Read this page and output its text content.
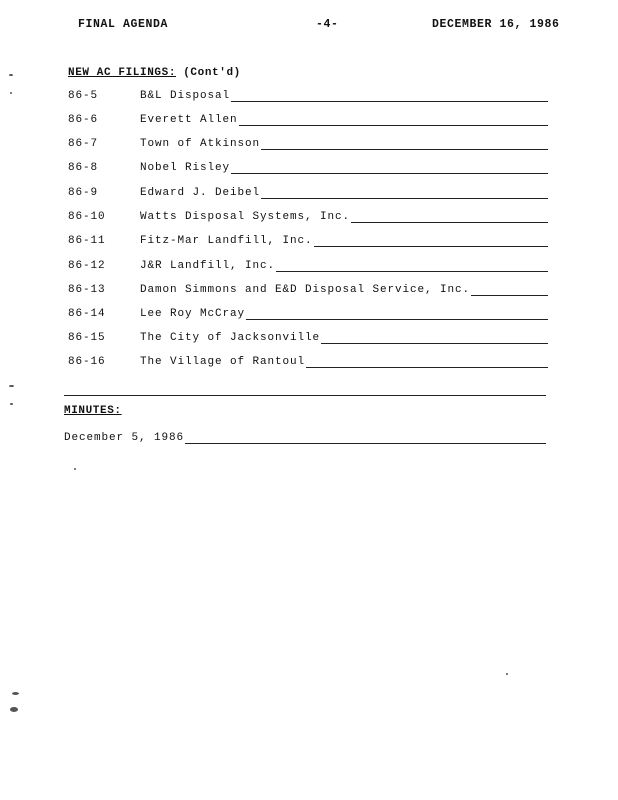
FINAL AGENDA	-4-	DECEMBER 16, 1986
NEW AC FILINGS: (Cont'd)
86-5	B&L Disposal
86-6	Everett Allen
86-7	Town of Atkinson
86-8	Nobel Risley
86-9	Edward J. Deibel
86-10	Watts Disposal Systems, Inc.
86-11	Fitz-Mar Landfill, Inc.
86-12	J&R Landfill, Inc.
86-13	Damon Simmons and E&D Disposal Service, Inc.
86-14	Lee Roy McCray
86-15	The City of Jacksonville
86-16	The Village of Rantoul
MINUTES:
December 5, 1986
